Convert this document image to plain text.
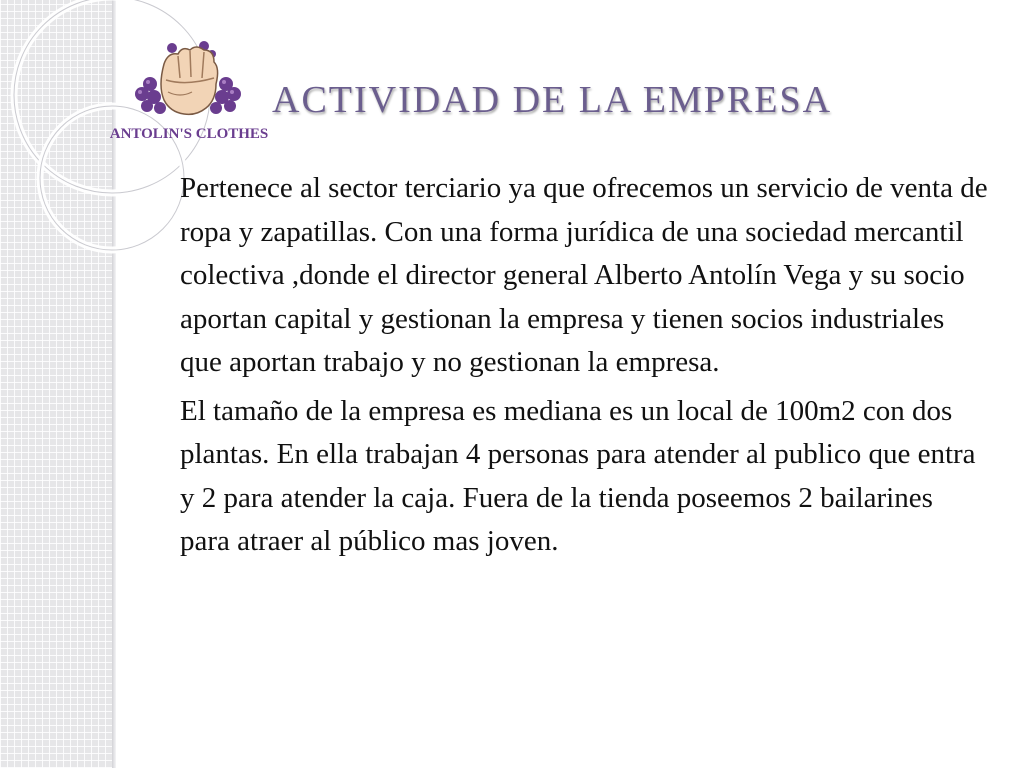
ANTOLIN'S CLOTHES
ACTIVIDAD DE LA EMPRESA

Pertenece al sector terciario ya que ofrecemos un servicio de venta de ropa y zapatillas. Con una forma jurídica de una sociedad mercantil colectiva ,donde el director general Alberto Antolín Vega y su socio aportan capital y gestionan la empresa y tienen socios industriales que aportan trabajo y no gestionan la empresa.

El tamaño de la empresa es mediana es un local de 100m2 con dos plantas. En ella trabajan 4 personas para atender al publico que entra y 2 para atender la caja. Fuera de la tienda poseemos 2 bailarines para atraer al público mas joven.
